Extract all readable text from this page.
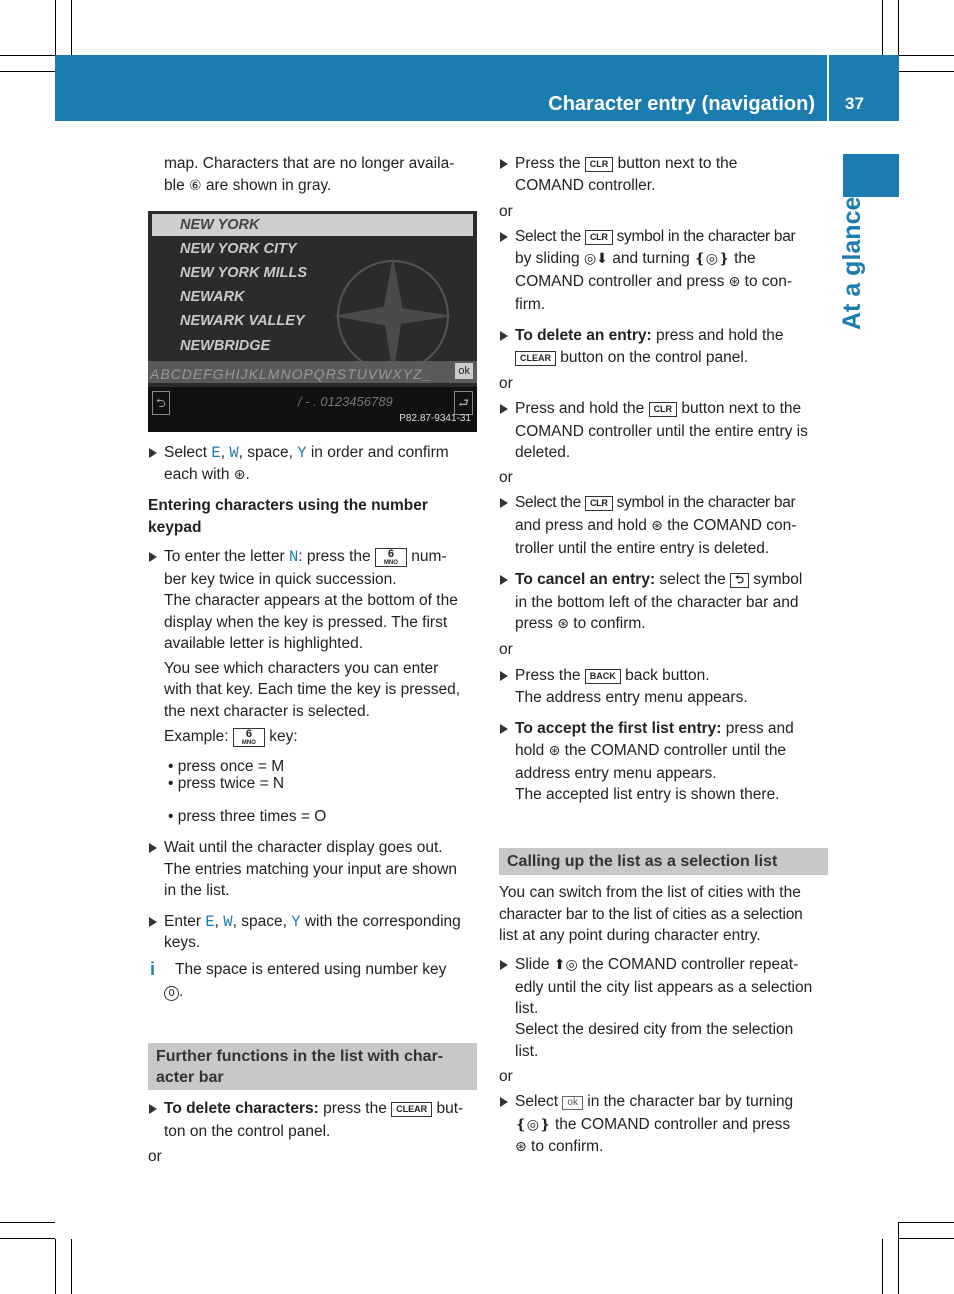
Character entry (navigation) 37
At a glance
map. Characters that are no longer availa-
ble ⑥ are shown in gray.
NEW YORK
NEW YORK CITY
NEW YORK MILLS
NEWARK
NEWARK VALLEY
NEWBRIDGE
ABCDEFGHIJKLMNOPQRSTUVWXYZ_ ok
⮌	/ - . 0123456789	⮐
P82.87-9341-31
Select E, W, space, Y in order and confirm
each with ⊛.
Entering characters using the number
keypad
To enter the letter N: press the	6
MNO num-
ber key twice in quick succession.
The character appears at the bottom of the
display when the key is pressed. The first
available letter is highlighted.
You see which characters you can enter
with that key. Each time the key is pressed,
the next character is selected.
Example:	6
MNO key:
• press once = M
• press twice = N
• press three times = O
Wait until the character display goes out.
The entries matching your input are shown
in the list.
Enter E, W, space, Y with the corresponding
keys.
i The space is entered using number key
0 .
Further functions in the list with char-
acter bar
To delete characters: press the CLEAR but-
ton on the control panel.
or
Press the CLR button next to the
COMAND controller.
or
Select the CLR symbol in the character bar
by sliding ◎⬇ and turning ❴◎❵ the
COMAND controller and press ⊛ to con-
firm.
To delete an entry: press and hold the
CLEAR button on the control panel.
or
Press and hold the CLR button next to the
COMAND controller until the entire entry is
deleted.
or
Select the CLR symbol in the character bar
and press and hold ⊛ the COMAND con-
troller until the entire entry is deleted.
To cancel an entry: select the ⮌ symbol
in the bottom left of the character bar and
press ⊛ to confirm.
or
Press the BACK back button.
The address entry menu appears.
To accept the first list entry: press and
hold ⊛ the COMAND controller until the
address entry menu appears.
The accepted list entry is shown there.
Calling up the list as a selection list
You can switch from the list of cities with the
character bar to the list of cities as a selection
list at any point during character entry.
Slide ⬆◎ the COMAND controller repeat-
edly until the city list appears as a selection
list.
Select the desired city from the selection
list.
or
Select ok in the character bar by turning
❴◎❵ the COMAND controller and press
⊛ to confirm.
